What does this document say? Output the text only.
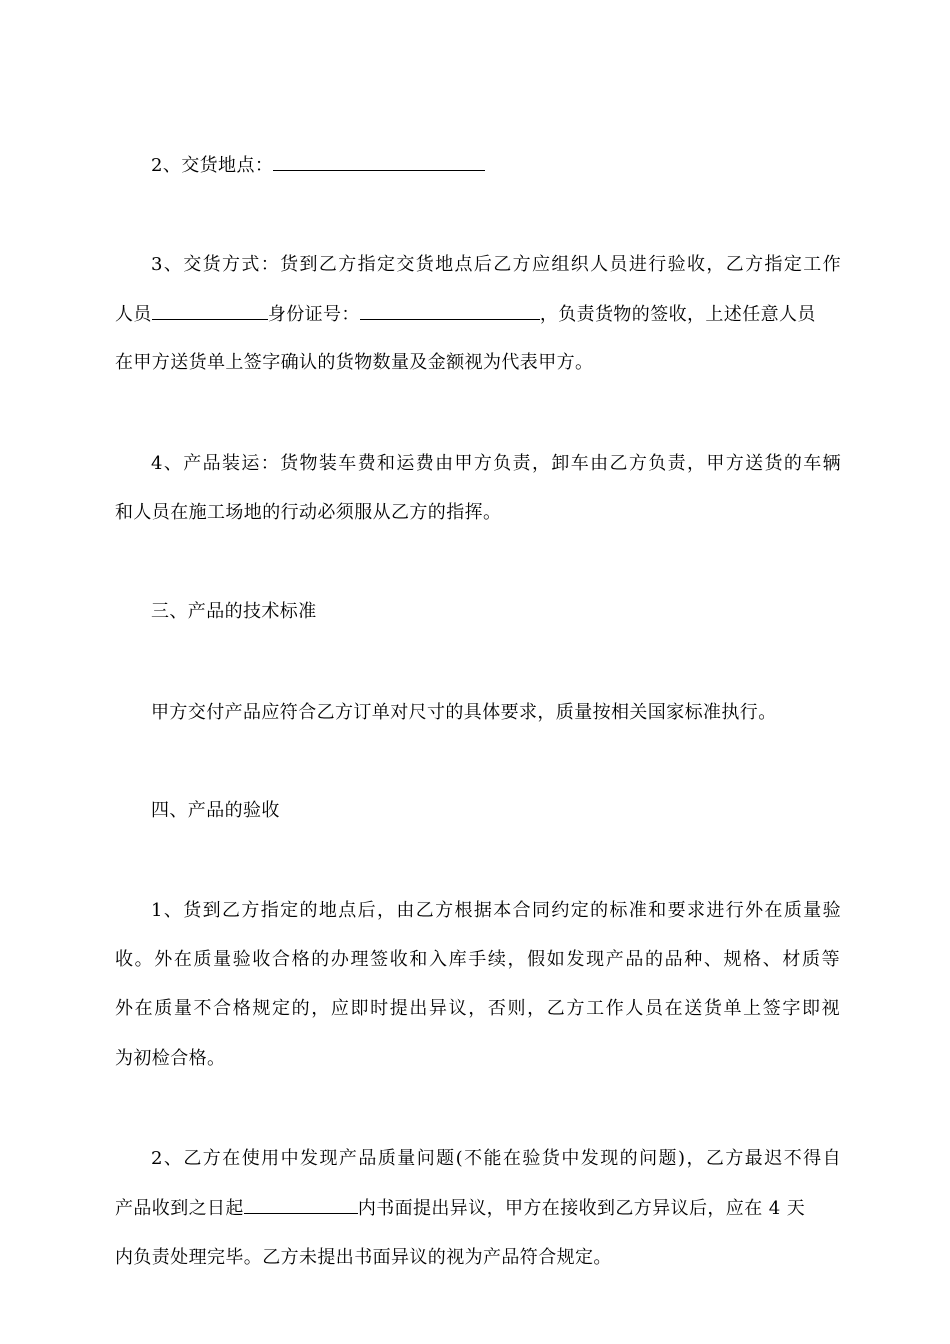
2、交货地点：
3、交货方式：货到乙方指定交货地点后乙方应组织人员进行验收，乙方指定工作
人员	身份证号：	，负责货物的签收，上述任意人员
在甲方送货单上签字确认的货物数量及金额视为代表甲方。
4、产品装运：货物装车费和运费由甲方负责，卸车由乙方负责，甲方送货的车辆
和人员在施工场地的行动必须服从乙方的指挥。
三、产品的技术标准
甲方交付产品应符合乙方订单对尺寸的具体要求，质量按相关国家标准执行。
四、产品的验收
1、货到乙方指定的地点后，由乙方根据本合同约定的标准和要求进行外在质量验
收。外在质量验收合格的办理签收和入库手续，假如发现产品的品种、规格、材质等
外在质量不合格规定的，应即时提出异议，否则，乙方工作人员在送货单上签字即视
为初检合格。
2、乙方在使用中发现产品质量问题(不能在验货中发现的问题)，乙方最迟不得自
产品收到之日起	内书面提出异议，甲方在接收到乙方异议后，应在 4 天
内负责处理完毕。乙方未提出书面异议的视为产品符合规定。
